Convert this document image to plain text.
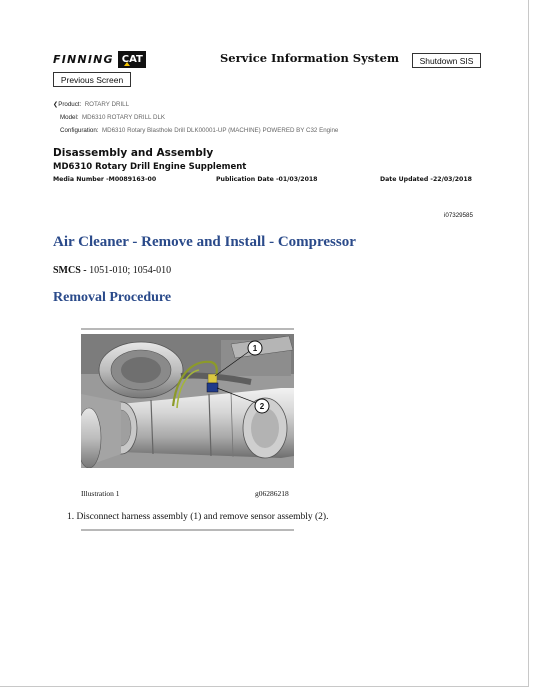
FINNING CAT
Previous Screen
Service Information System	Shutdown SIS
❮Product: ROTARY DRILL
Model: MD6310 ROTARY DRILL DLK
Configuration: MD6310 Rotary Blasthole Drill DLK00001-UP (MACHINE) POWERED BY C32 Engine
Disassembly and Assembly
MD6310 Rotary Drill Engine Supplement
Media Number -M0089163-00	Publication Date -01/03/2018	Date Updated -22/03/2018
i07329585
Air Cleaner - Remove and Install - Compressor
SMCS - 1051-010; 1054-010
Removal Procedure
1
2
Illustration 1	g06286218
1. Disconnect harness assembly (1) and remove sensor assembly (2).
